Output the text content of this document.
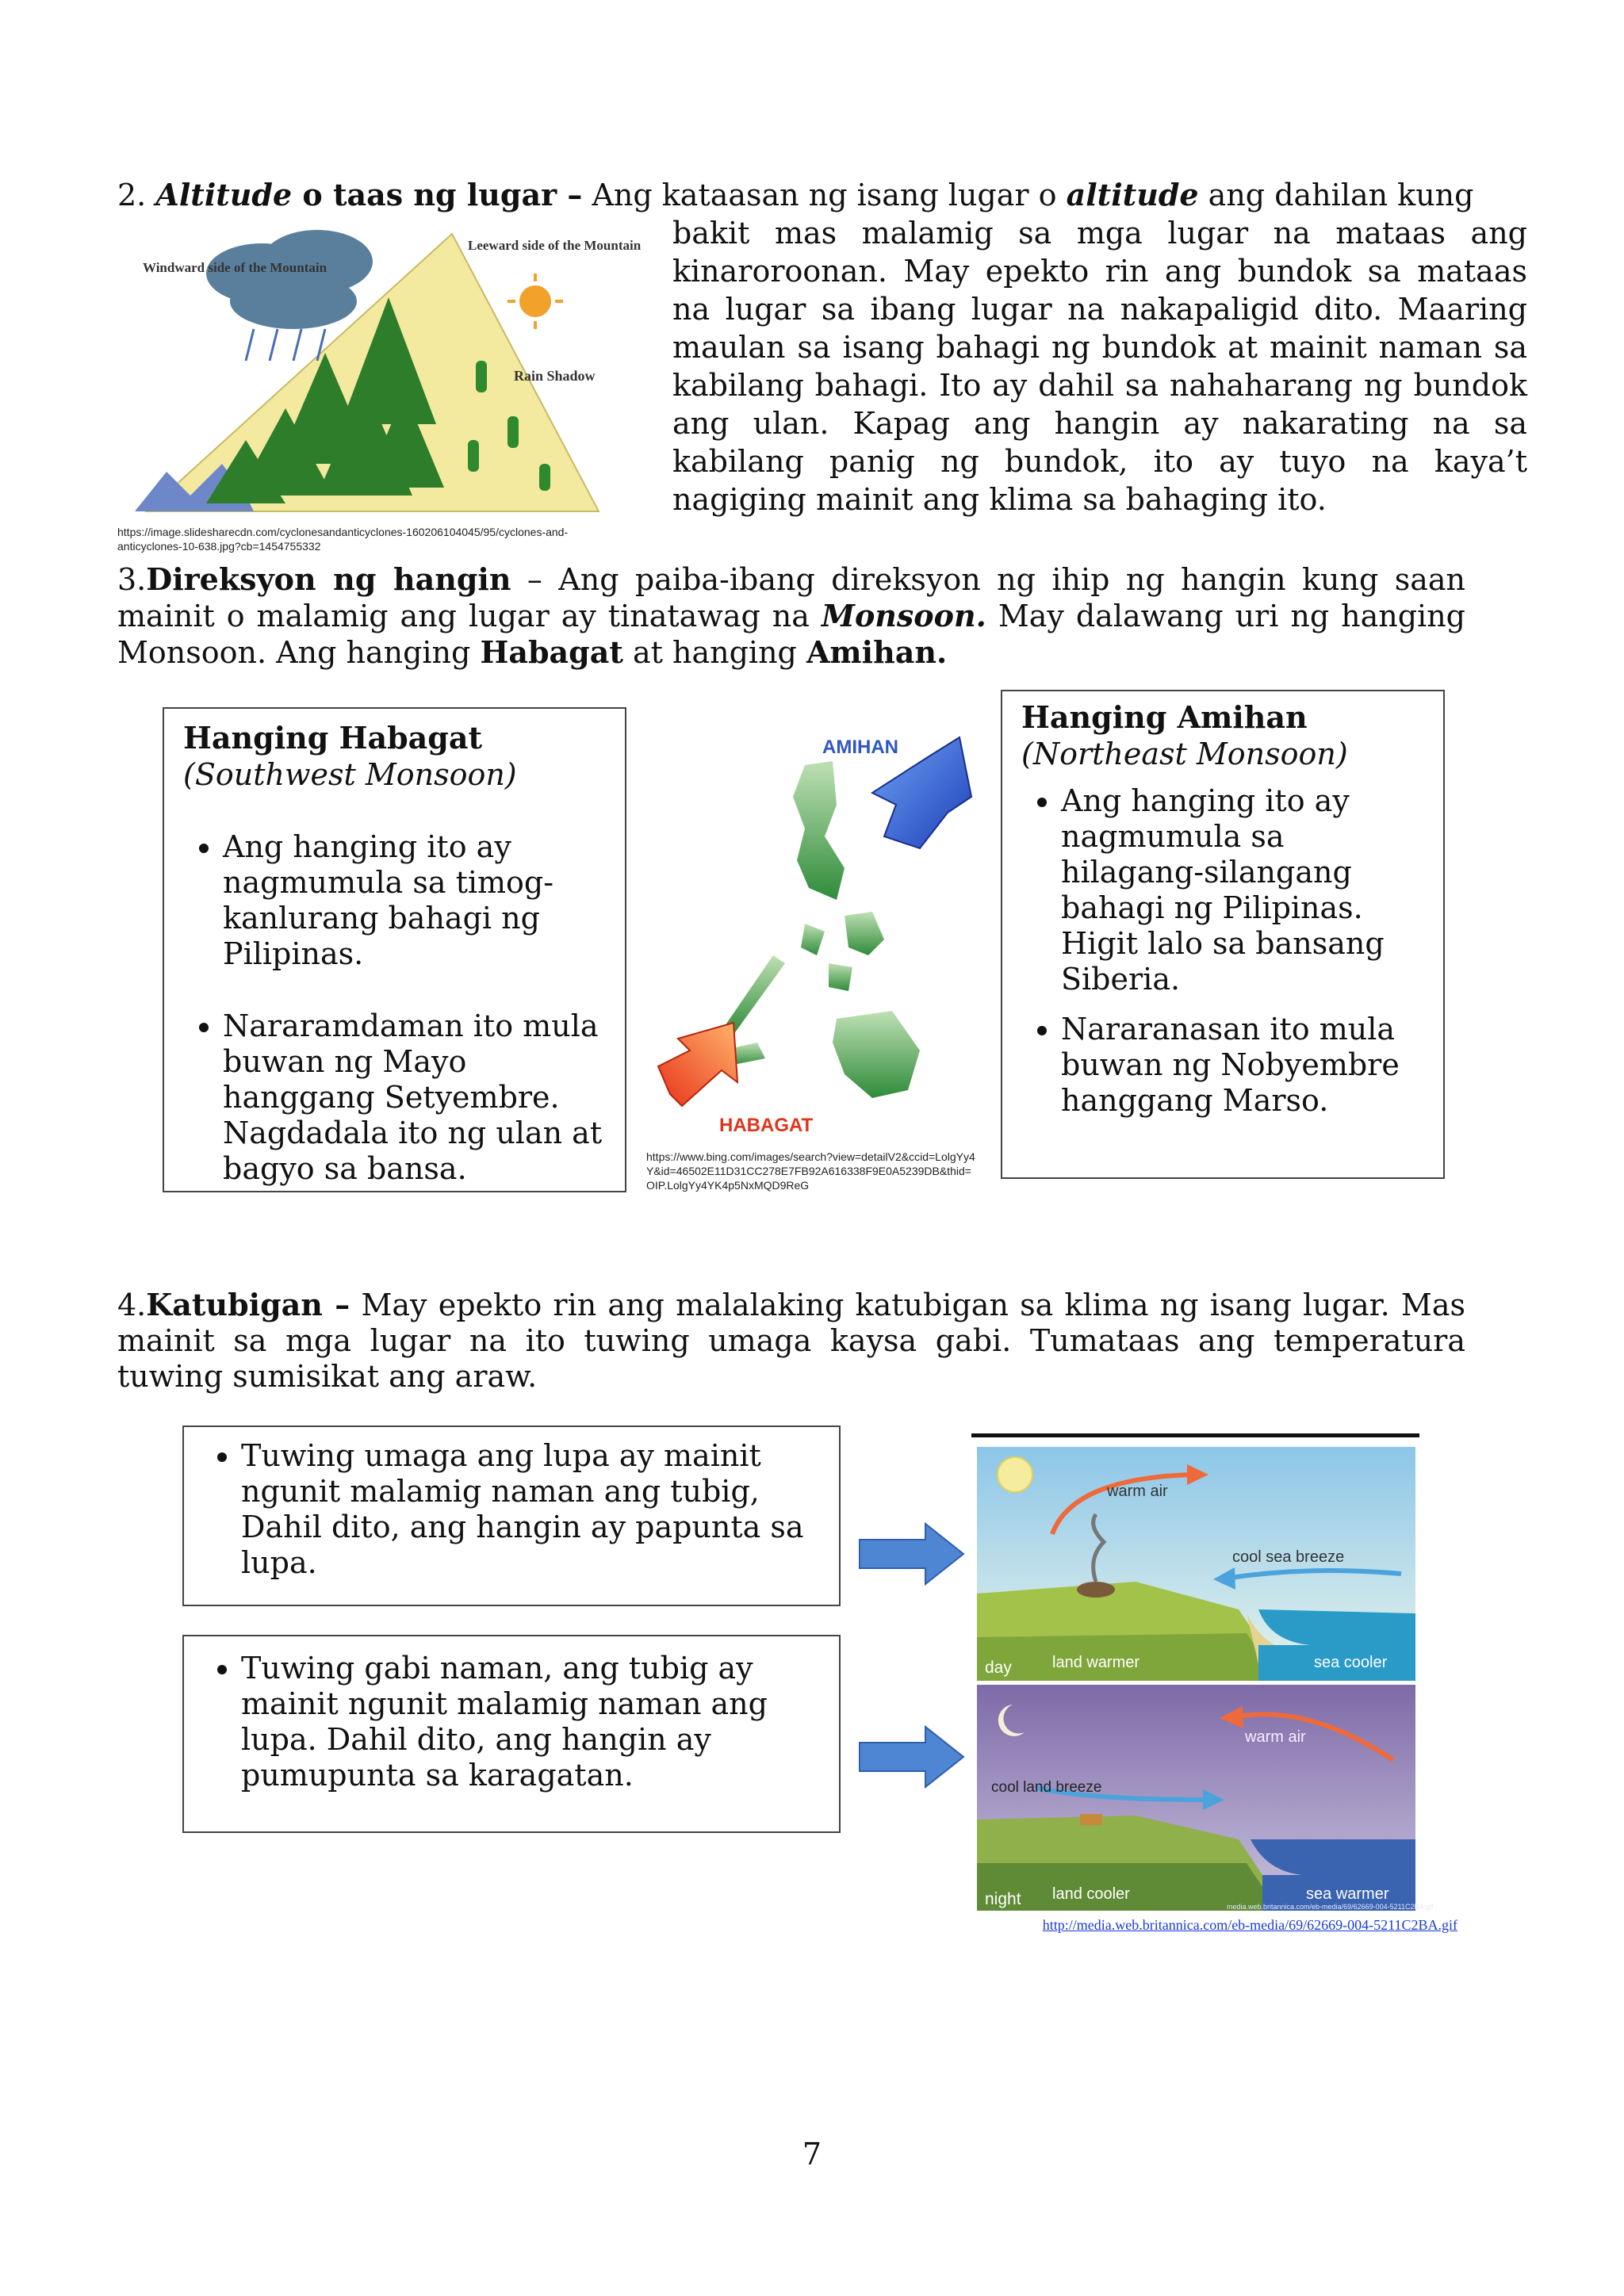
2. Altitude o taas ng lugar – Ang kataasan ng isang lugar o altitude ang dahilan kung
bakit mas malamig sa mga lugar na mataas ang kinaroroonan. May epekto rin ang bundok sa mataas na lugar sa ibang lugar na nakapaligid dito. Maaring maulan sa isang bahagi ng bundok at mainit naman sa kabilang bahagi. Ito ay dahil sa nahaharang ng bundok ang ulan. Kapag ang hangin ay nakarating na sa kabilang panig ng bundok, ito ay tuyo na kaya’t nagiging mainit ang klima sa bahaging ito.
Windward side of the Mountain
Leeward side of the Mountain
Rain Shadow
https://image.slidesharecdn.com/cyclonesandanticyclones-160206104045/95/cyclones-and-anticyclones-10-638.jpg?cb=1454755332
3.Direksyon ng hangin – Ang paiba-ibang direksyon ng ihip ng hangin kung saan mainit o malamig ang lugar ay tinatawag na Monsoon. May dalawang uri ng hanging Monsoon. Ang hanging Habagat at hanging Amihan.
Hanging Habagat
(Southwest Monsoon)
• Ang hanging ito ay nagmumula sa timog-kanlurang bahagi ng Pilipinas.
• Nararamdaman ito mula buwan ng Mayo hanggang Setyembre. Nagdadala ito ng ulan at bagyo sa bansa.
AMIHAN
HABAGAT
https://www.bing.com/images/search?view=detailV2&ccid=LolgYy4Y&id=46502E11D31CC278E7FB92A616338F9E0A5239DB&thid=OIP.LolgYy4YK4p5NxMQD9ReG
Hanging Amihan
(Northeast Monsoon)
• Ang hanging ito ay nagmumula sa hilagang-silangang bahagi ng Pilipinas. Higit lalo sa bansang Siberia.
• Nararanasan ito mula buwan ng Nobyembre hanggang Marso.
4.Katubigan – May epekto rin ang malalaking katubigan sa klima ng isang lugar. Mas mainit sa mga lugar na ito tuwing umaga kaysa gabi. Tumataas ang temperatura tuwing sumisikat ang araw.
• Tuwing umaga ang lupa ay mainit ngunit malamig naman ang tubig, Dahil dito, ang hangin ay papunta sa lupa.
• Tuwing gabi naman, ang tubig ay mainit ngunit malamig naman ang lupa. Dahil dito, ang hangin ay pumupunta sa karagatan.
warm air
cool sea breeze
day	land warmer	sea cooler
warm air
cool land breeze
night land cooler	sea warmer
media.web.britannica.com/eb-media/69/62669-004-5211C2BA.gif
http://media.web.britannica.com/eb-media/69/62669-004-5211C2BA.gif
7
